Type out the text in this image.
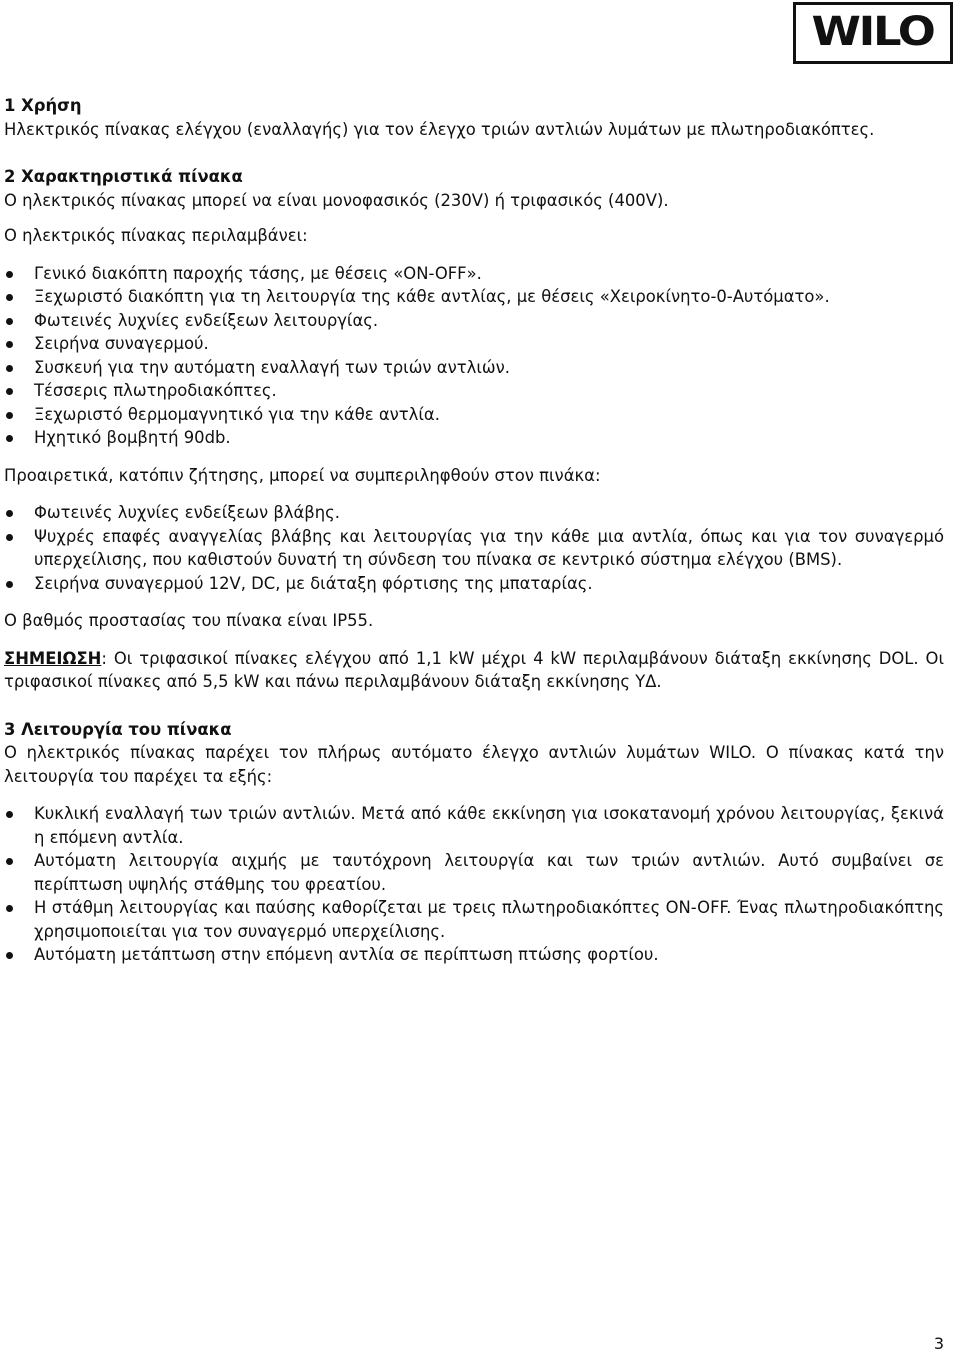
WILO

1 Χρήση

Ηλεκτρικός πίνακας ελέγχου (εναλλαγής) για τον έλεγχο τριών αντλιών λυμάτων με πλωτηροδιακόπτες.

2 Χαρακτηριστικά πίνακα

Ο ηλεκτρικός πίνακας μπορεί να είναι μονοφασικός (230V) ή τριφασικός (400V).

Ο ηλεκτρικός πίνακας περιλαμβάνει:

Γενικό διακόπτη παροχής τάσης, με θέσεις «ON-OFF».
Ξεχωριστό διακόπτη για τη λειτουργία της κάθε αντλίας, με θέσεις «Χειροκίνητο-0-Αυτόματο».
Φωτεινές λυχνίες ενδείξεων λειτουργίας.
Σειρήνα συναγερμού.
Συσκευή για την αυτόματη εναλλαγή των τριών αντλιών.
Τέσσερις πλωτηροδιακόπτες.
Ξεχωριστό θερμομαγνητικό για την κάθε αντλία.
Ηχητικό βομβητή 90db.

Προαιρετικά, κατόπιν ζήτησης, μπορεί να συμπεριληφθούν στον πινάκα:

Φωτεινές λυχνίες ενδείξεων βλάβης.
Ψυχρές επαφές αναγγελίας βλάβης και λειτουργίας για την κάθε μια αντλία, όπως και για τον συναγερμό υπερχείλισης, που καθιστούν δυνατή τη σύνδεση του πίνακα σε κεντρικό σύστημα ελέγχου (BMS).
Σειρήνα συναγερμού 12V, DC, με διάταξη φόρτισης της μπαταρίας.

Ο βαθμός προστασίας του πίνακα είναι IP55.

ΣΗΜΕΙΩΣΗ: Οι τριφασικοί πίνακες ελέγχου από 1,1 kW μέχρι 4 kW περιλαμβάνουν διάταξη εκκίνησης DOL. Οι τριφασικοί πίνακες από 5,5 kW και πάνω περιλαμβάνουν διάταξη εκκίνησης ΥΔ.

3 Λειτουργία του πίνακα

Ο ηλεκτρικός πίνακας παρέχει τον πλήρως αυτόματο έλεγχο αντλιών λυμάτων WILO. Ο πίνακας κατά την λειτουργία του παρέχει τα εξής:

Κυκλική εναλλαγή των τριών αντλιών. Μετά από κάθε εκκίνηση για ισοκατανομή χρόνου λειτουργίας, ξεκινά η επόμενη αντλία.
Αυτόματη λειτουργία αιχμής με ταυτόχρονη λειτουργία και των τριών αντλιών. Αυτό συμβαίνει σε περίπτωση υψηλής στάθμης του φρεατίου.
Η στάθμη λειτουργίας και παύσης καθορίζεται με τρεις πλωτηροδιακόπτες ON-OFF. Ένας πλωτηροδιακόπτης χρησιμοποιείται για τον συναγερμό υπερχείλισης.
Αυτόματη μετάπτωση στην επόμενη αντλία σε περίπτωση πτώσης φορτίου.
3
